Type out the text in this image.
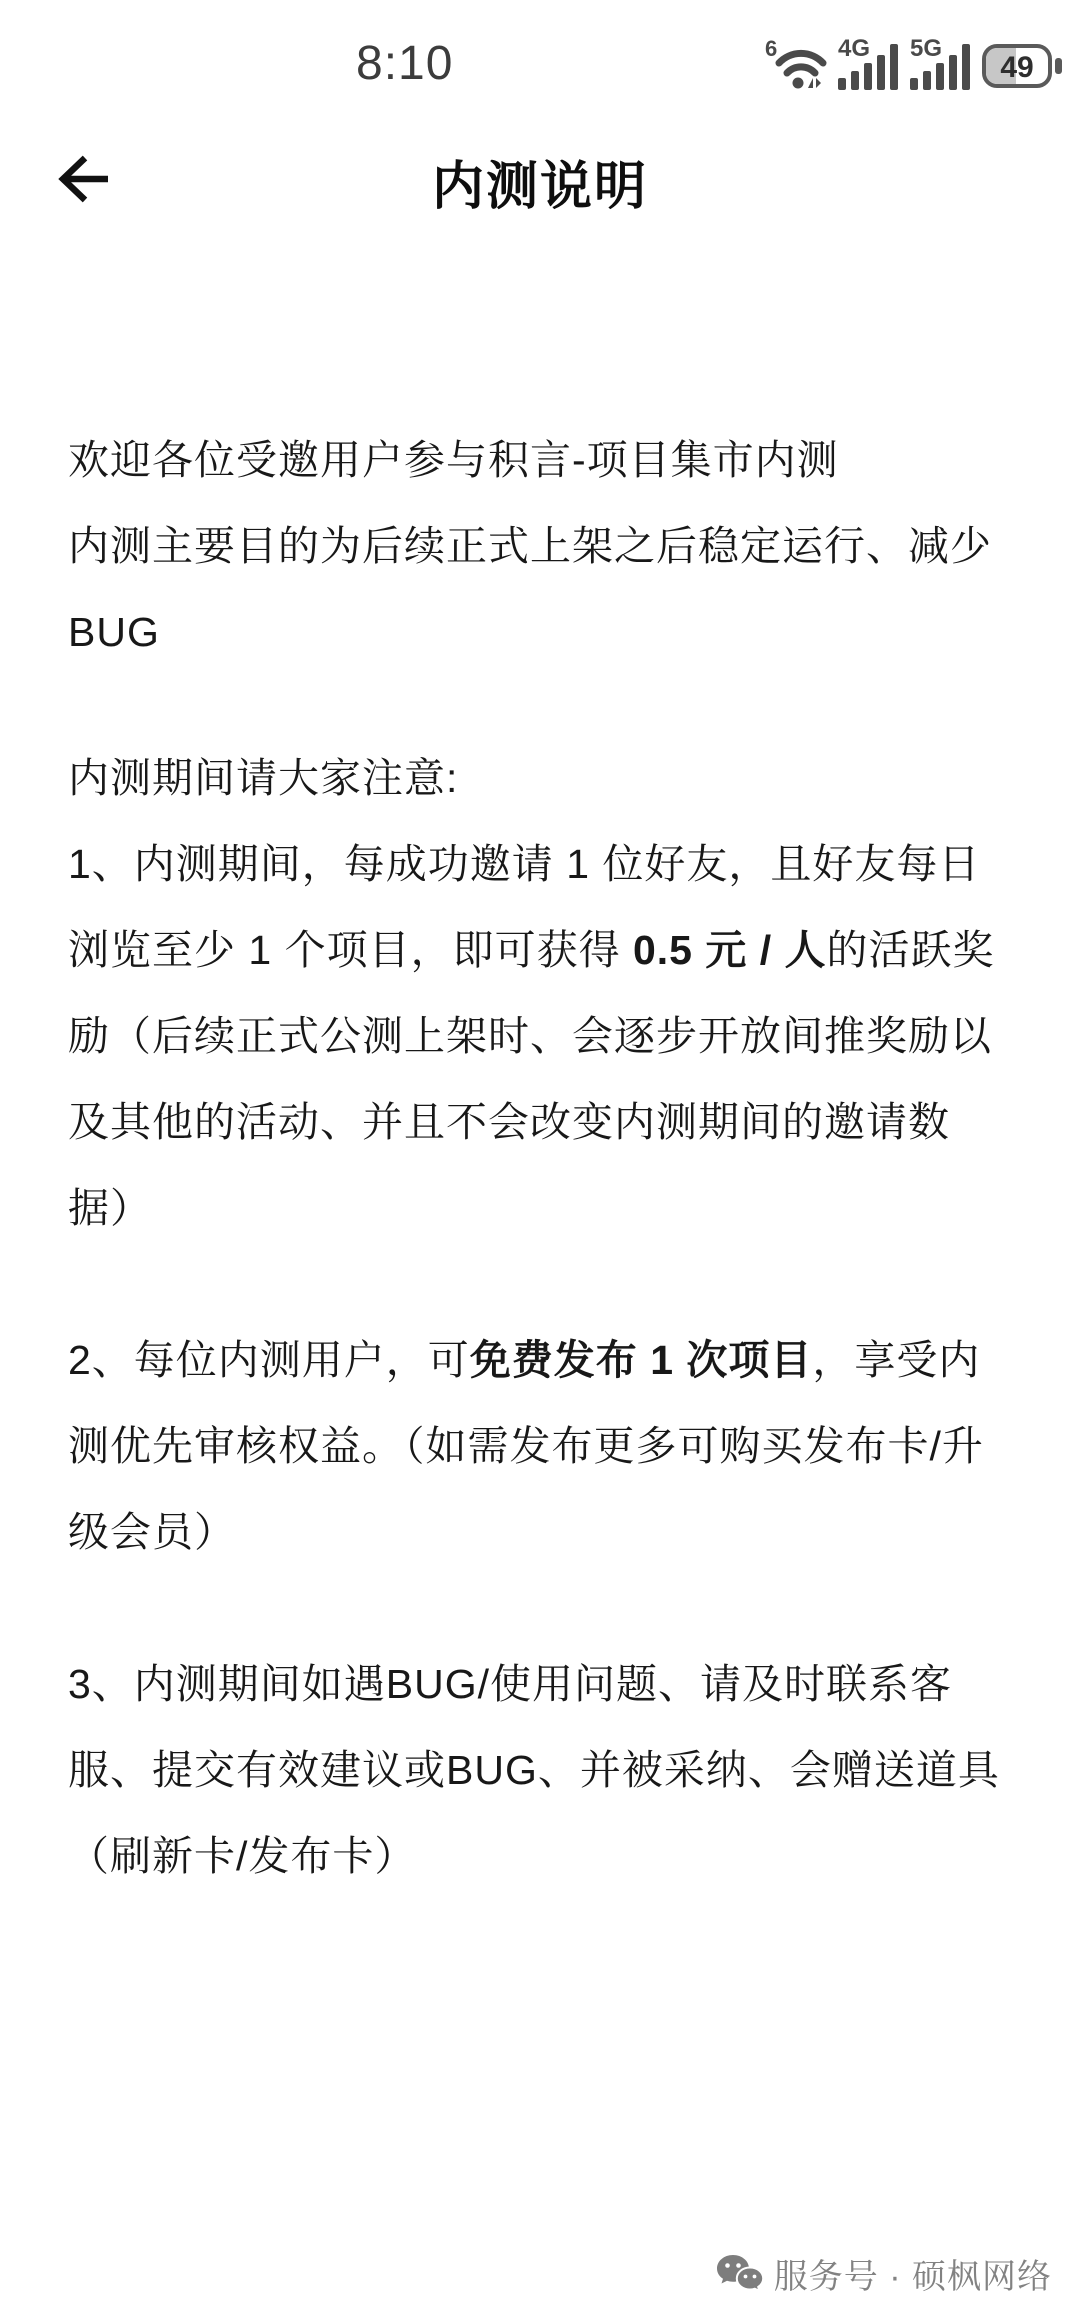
8:10	6	4G 5G
49
内测说明

欢迎各位受邀用户参与积言-项目集市内测

内测主要目的为后续正式上架之后稳定运行、减少BUG

内测期间请大家注意:

1、内测期间，每成功邀请 1 位好友，且好友每日浏览至少 1 个项目，即可获得 0.5 元 / 人的活跃奖励（后续正式公测上架时、会逐步开放间推奖励以及其他的活动、并且不会改变内测期间的邀请数据）

2、每位内测用户，可免费发布 1 次项目，享受内测优先审核权益。（如需发布更多可购买发布卡/升级会员）

3、内测期间如遇BUG/使用问题、请及时联系客服、提交有效建议或BUG、并被采纳、会赠送道具（刷新卡/发布卡）

服务号 · 硕枫网络
